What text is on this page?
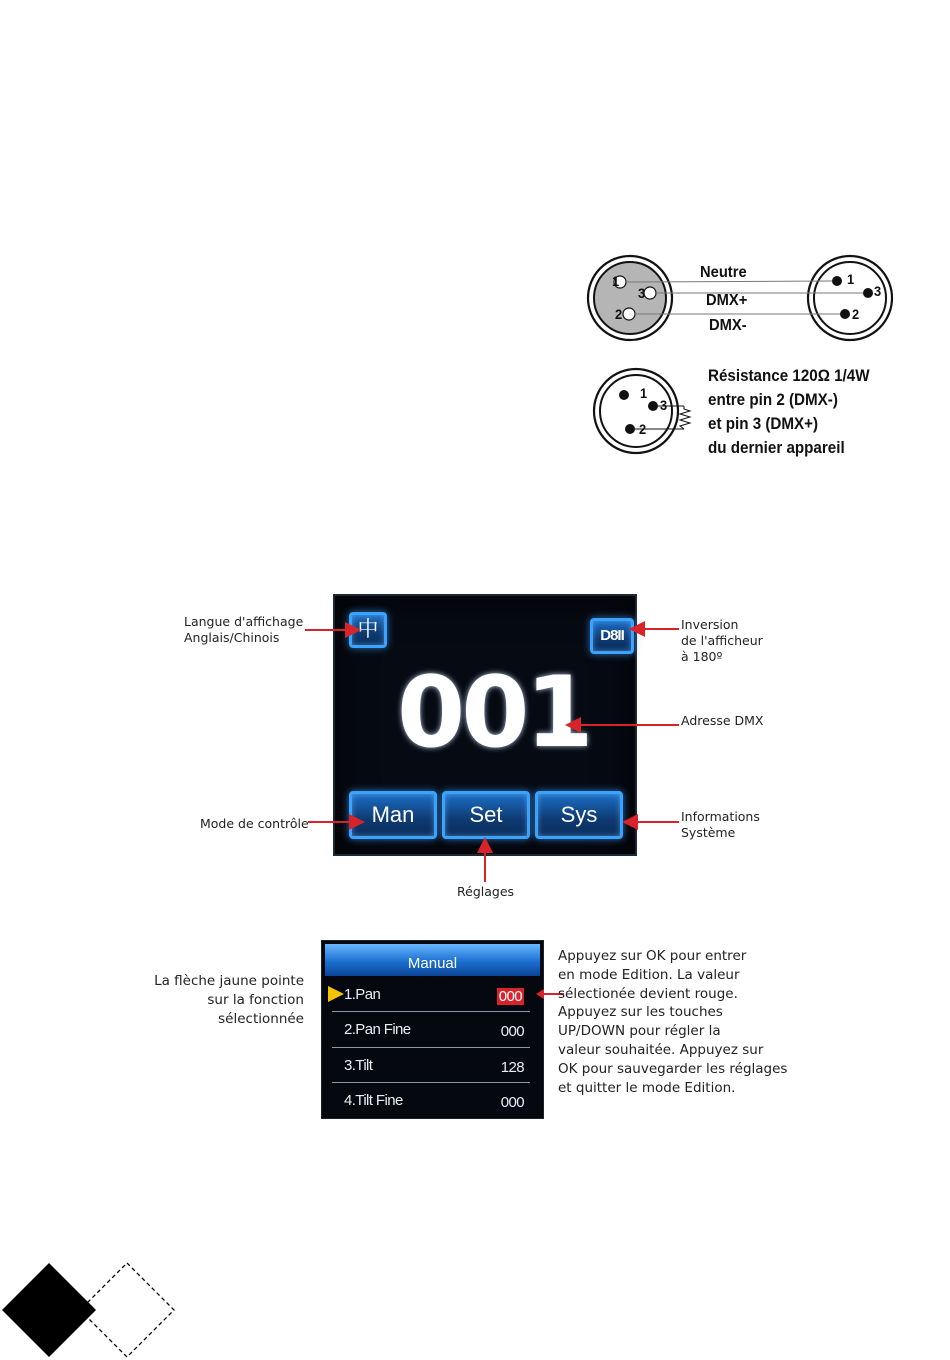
1
3
2
1
3
2
1
3
2
Neutre
DMX+
DMX-
Résistance 120Ω 1/4W
entre pin 2 (DMX-)
et pin 3 (DMX+)
du dernier appareil
中	D8II
001
Man	Set	Sys
Langue d'affichage
Anglais/Chinois
Inversion
de l'afficheur
à 180º
Adresse DMX
Mode de contrôle	Informations
Système
Réglages
La flèche jaune pointe
sur la fonction
sélectionnée
Manual
1.Pan	000
2.Pan Fine	000
3.Tilt	128
4.Tilt Fine	000
Appuyez sur OK pour entrer
en mode Edition. La valeur
sélectionée devient rouge.
Appuyez sur les touches
UP/DOWN pour régler la
valeur souhaitée. Appuyez sur
OK pour sauvegarder les réglages
et quitter le mode Edition.
